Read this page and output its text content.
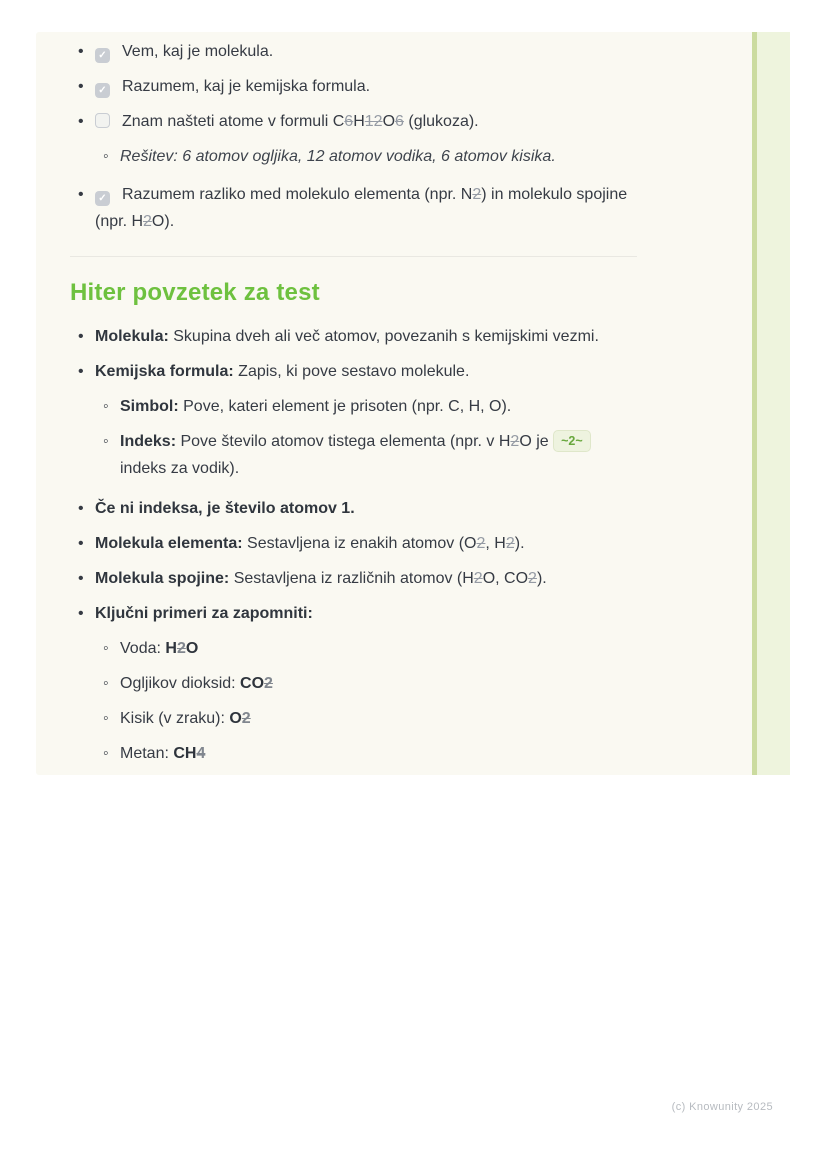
•
✓Vem, kaj je molekula.
•
✓Razumem, kaj je kemijska formula.
•
Znam našteti atome v formuli C6H12O6 (glukoza).
◦
Rešitev: 6 atomov ogljika, 12 atomov vodika, 6 atomov kisika.
•
✓Razumem razliko med molekulo elementa (npr. N2) in molekulo spojine (npr. H2O).
Hiter povzetek za test
•
Molekula: Skupina dveh ali več atomov, povezanih s kemijskimi vezmi.
•
Kemijska formula: Zapis, ki pove sestavo molekule.
◦
Simbol: Pove, kateri element je prisoten (npr. C, H, O).
◦
Indeks: Pove število atomov tistega elementa (npr. v H2O je ~2~
indeks za vodik).
•
Če ni indeksa, je število atomov 1.
•
Molekula elementa: Sestavljena iz enakih atomov (O2, H2).
•
Molekula spojine: Sestavljena iz različnih atomov (H2O, CO2).
•
Ključni primeri za zapomniti:
◦
Voda: H2O
◦
Ogljikov dioksid: CO2
◦
Kisik (v zraku): O2
◦
Metan: CH4
(c) Knowunity 2025
